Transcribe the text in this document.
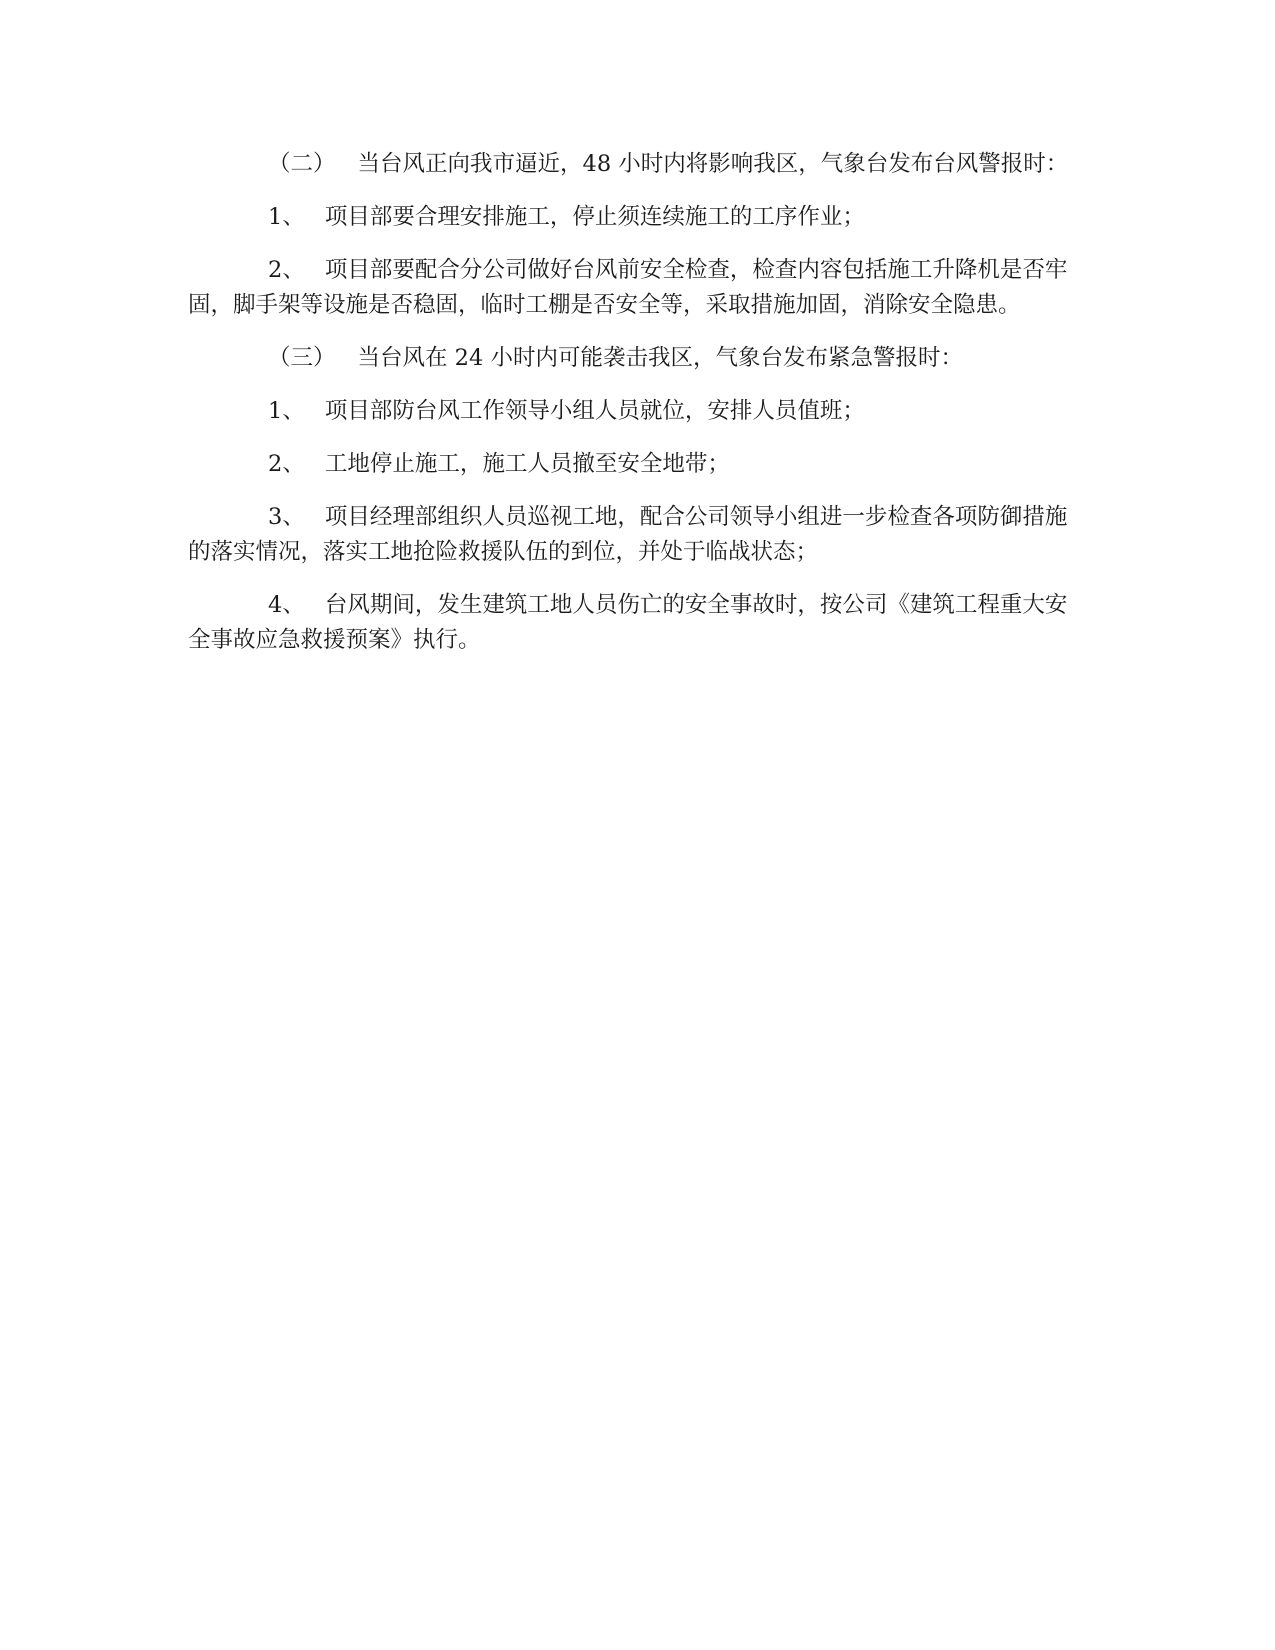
（二） 当台风正向我市逼近，48 小时内将影响我区，气象台发布台风警报时：

1、 项目部要合理安排施工，停止须连续施工的工序作业；

2、 项目部要配合分公司做好台风前安全检查，检查内容包括施工升降机是否牢固，脚手架等设施是否稳固，临时工棚是否安全等，采取措施加固，消除安全隐患。

（三） 当台风在 24 小时内可能袭击我区，气象台发布紧急警报时：

1、 项目部防台风工作领导小组人员就位，安排人员值班；

2、 工地停止施工，施工人员撤至安全地带；

3、 项目经理部组织人员巡视工地，配合公司领导小组进一步检查各项防御措施的落实情况，落实工地抢险救援队伍的到位，并处于临战状态；

4、 台风期间，发生建筑工地人员伤亡的安全事故时，按公司《建筑工程重大安全事故应急救援预案》执行。
